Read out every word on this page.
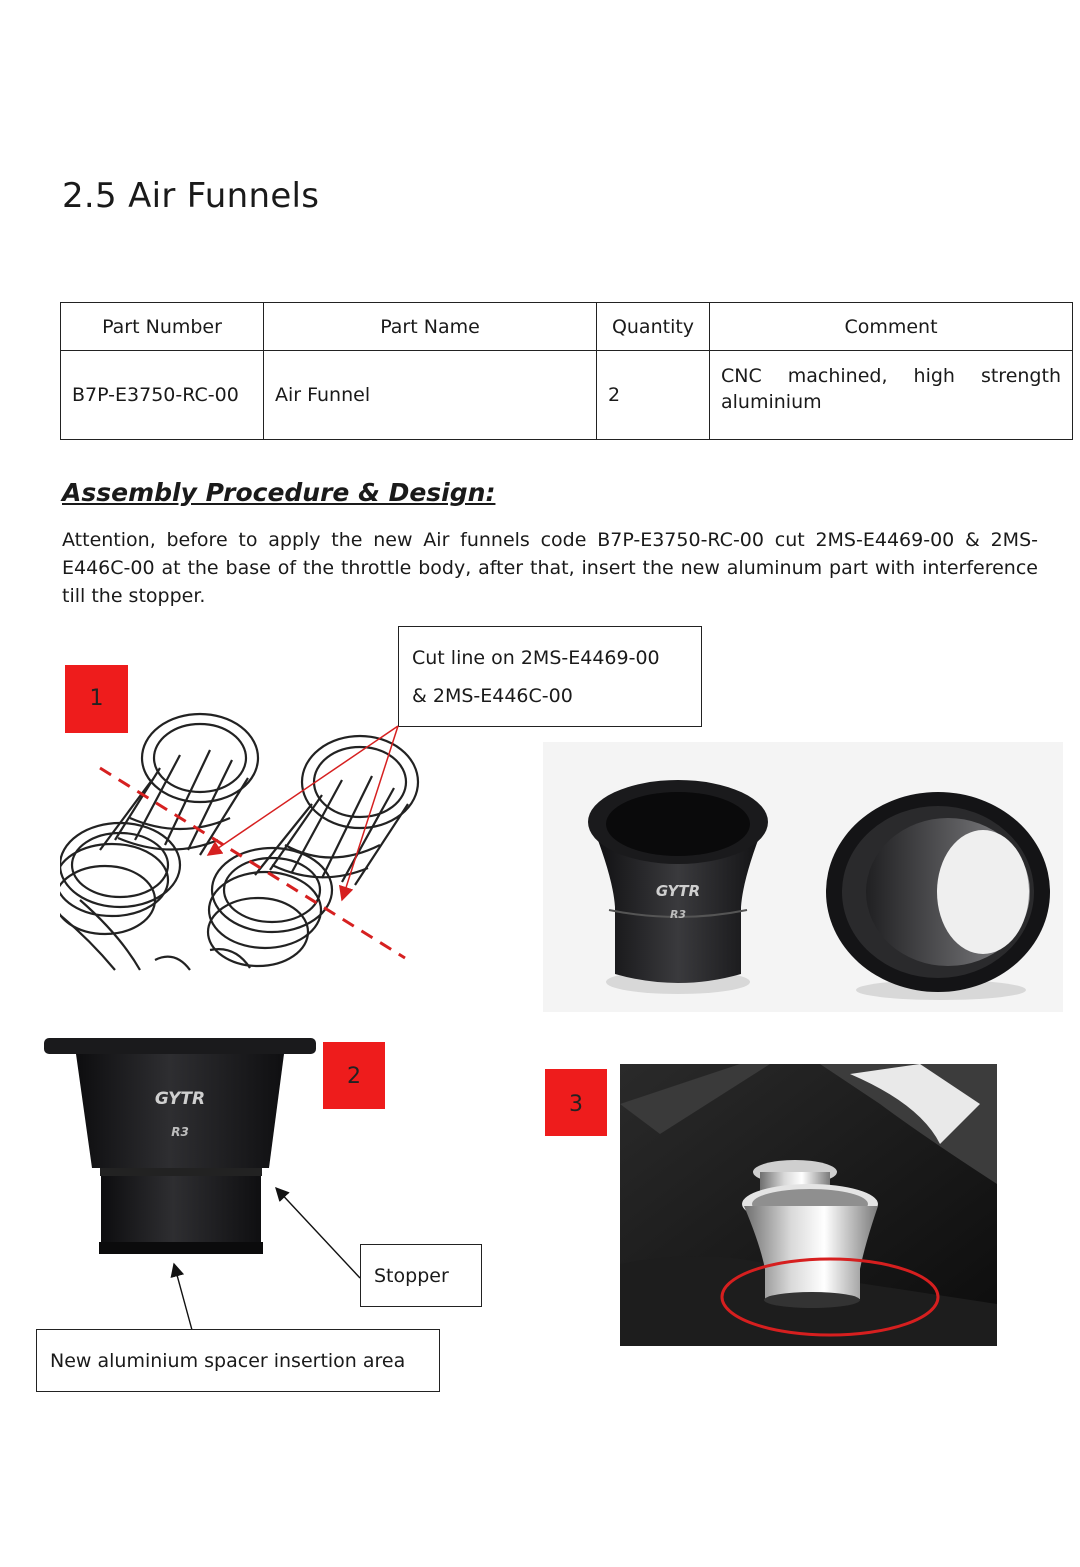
2.5 Air Funnels
Part Number	Part Name	Quantity	Comment
B7P-E3750-RC-00	Air Funnel	2	CNC machined, high strength aluminium
Assembly Procedure & Design:
Attention, before to apply the new Air funnels code B7P-E3750-RC-00 cut 2MS-E4469-00 & 2MS-E446C-00 at the base of the throttle body, after that, insert the new aluminum part with interference till the stopper.
Cut line on 2MS-E4469-00
& 2MS-E446C-00
1
GYTR
R3
GYTR
R3
2
Stopper
New aluminium spacer insertion area
3
